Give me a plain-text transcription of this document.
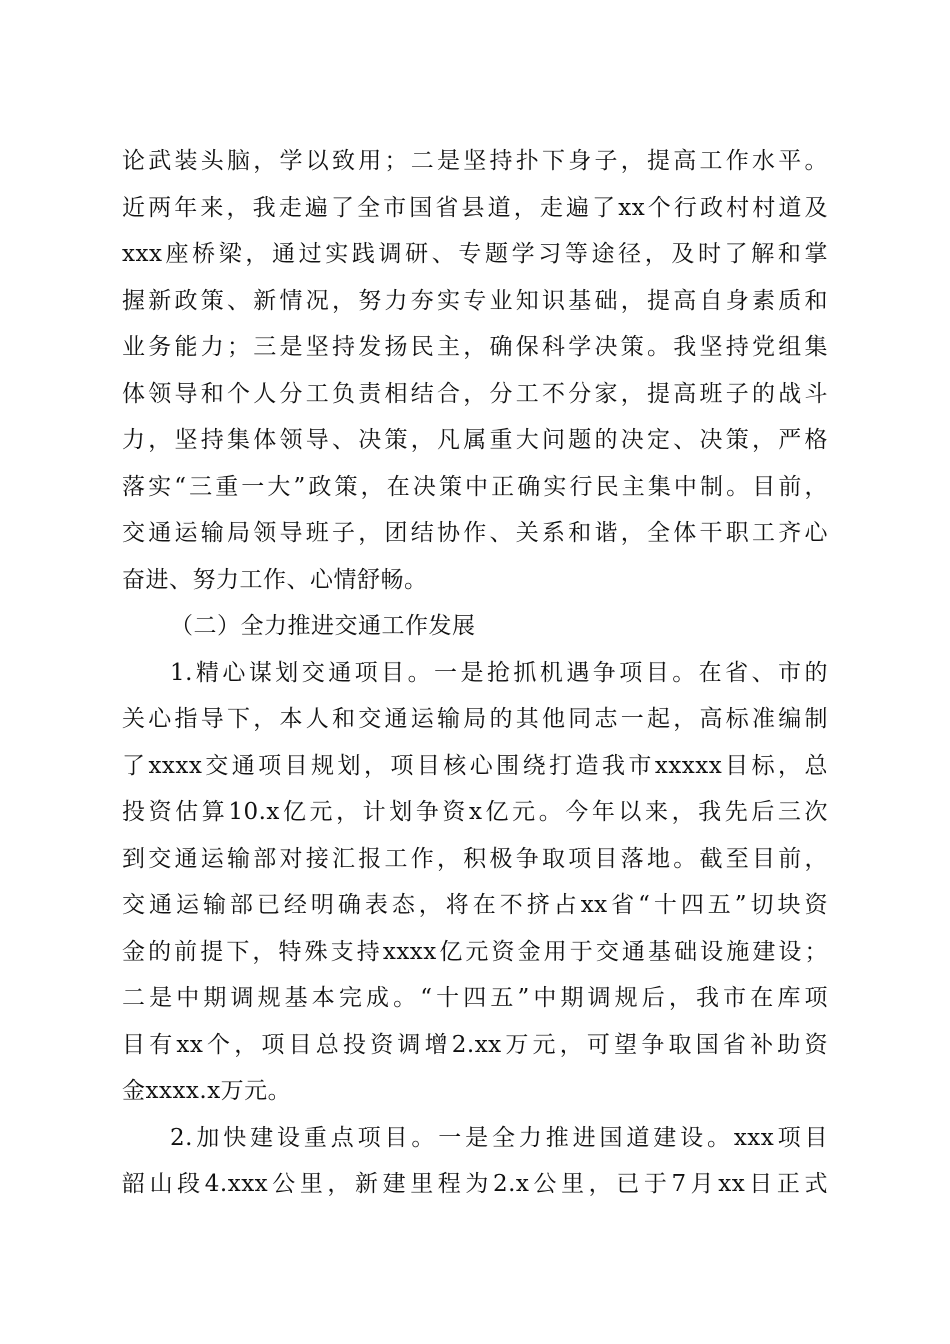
论武装头脑，学以致用；二是坚持扑下身子，提高工作水平。
近两年来，我走遍了全市国省县道，走遍了xx个行政村村道及
xxx座桥梁，通过实践调研、专题学习等途径，及时了解和掌
握新政策、新情况，努力夯实专业知识基础，提高自身素质和
业务能力；三是坚持发扬民主，确保科学决策。我坚持党组集
体领导和个人分工负责相结合，分工不分家，提高班子的战斗
力，坚持集体领导、决策，凡属重大问题的决定、决策，严格
落实“三重一大”政策，在决策中正确实行民主集中制。目前，
交通运输局领导班子，团结协作、关系和谐，全体干职工齐心
奋进、努力工作、心情舒畅。
（二）全力推进交通工作发展
1.精心谋划交通项目。一是抢抓机遇争项目。在省、市的
关心指导下，本人和交通运输局的其他同志一起，高标准编制
了xxxx交通项目规划，项目核心围绕打造我市xxxxx目标，总
投资估算10.x亿元，计划争资x亿元。今年以来，我先后三次
到交通运输部对接汇报工作，积极争取项目落地。截至目前，
交通运输部已经明确表态，将在不挤占xx省“十四五”切块资
金的前提下，特殊支持xxxx亿元资金用于交通基础设施建设；
二是中期调规基本完成。“十四五”中期调规后，我市在库项
目有xx个，项目总投资调增2.xx万元，可望争取国省补助资
金xxxx.x万元。
2.加快建设重点项目。一是全力推进国道建设。xxx项目
韶山段4.xxx公里，新建里程为2.x公里，已于7月xx日正式
